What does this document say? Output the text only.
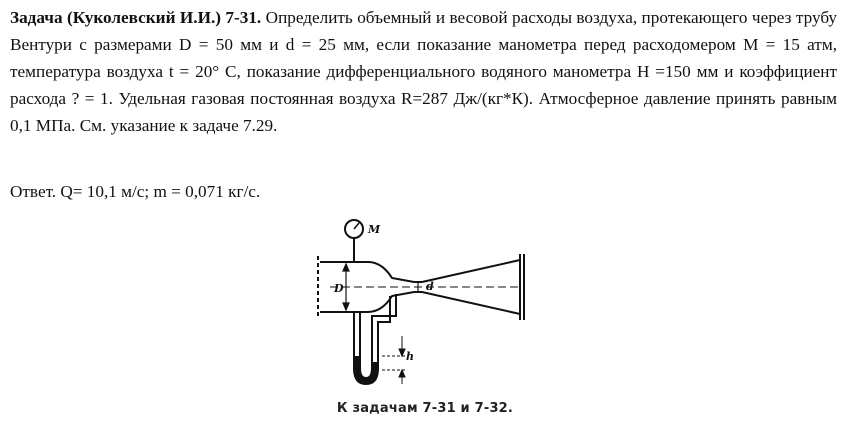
Задача (Куколевский И.И.) 7-31. Определить объемный и весовой расходы воздуха, протекающего через трубу Вентури с размерами D = 50 мм и d = 25 мм, если показание манометра перед расходомером М = 15 атм, температура воздуха t = 20° С, показание дифференциального водяного манометра H =150 мм и коэффициент расхода ? = 1. Удельная газовая постоянная воздуха R=287 Дж/(кг*К). Атмосферное давление принять равным 0,1 МПа. См. указание к задаче 7.29.
Ответ. Q= 10,1 м/с; m = 0,071 кг/с.
M
D	d
h
К задачам 7-31 и 7-32.
